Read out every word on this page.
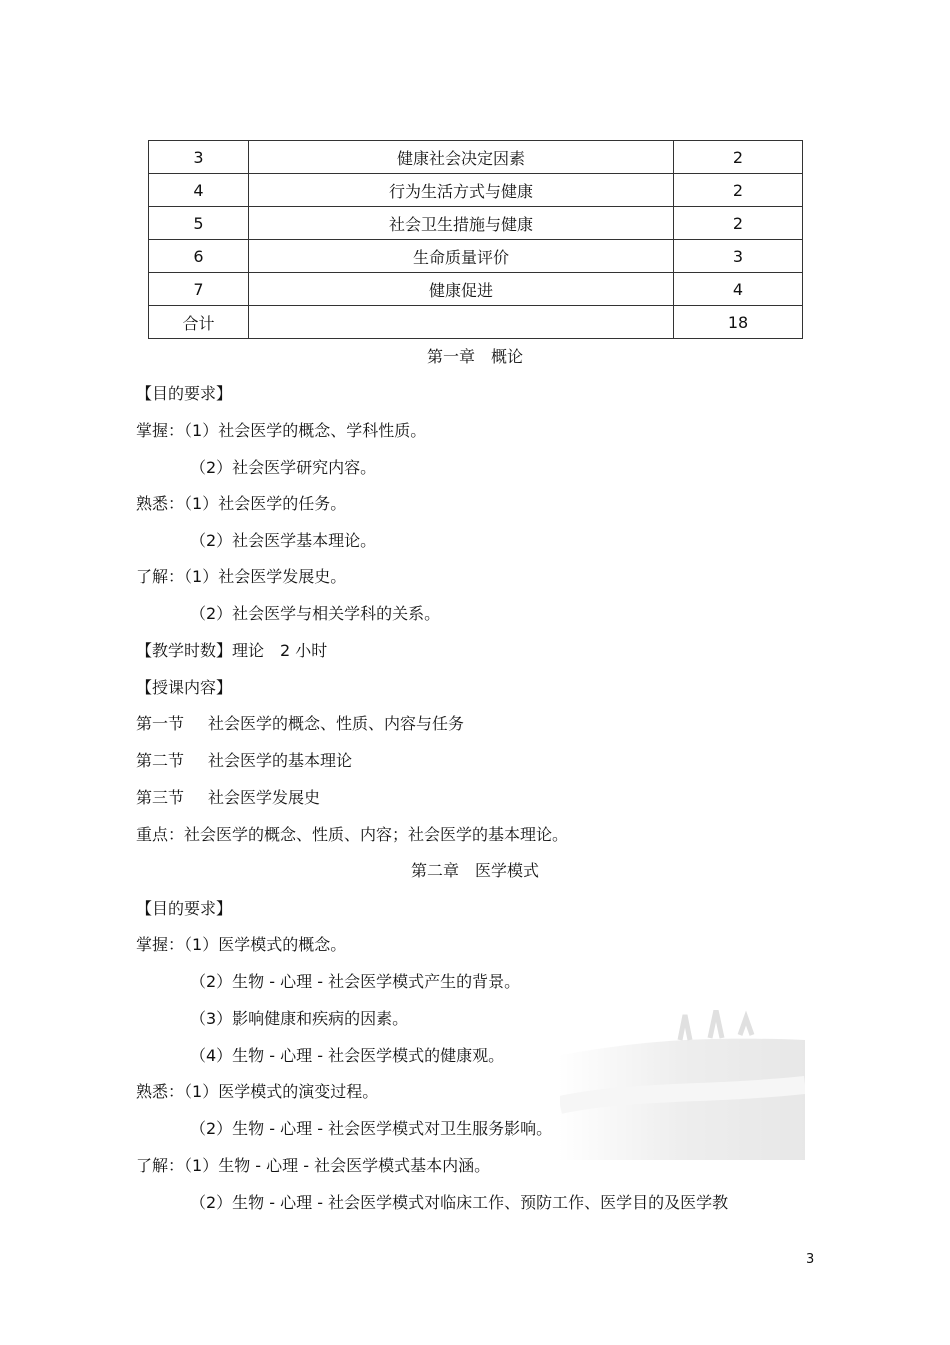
3	健康社会决定因素	2
4	行为生活方式与健康	2
5	社会卫生措施与健康	2
6	生命质量评价	3
7	健康促进	4
合计		18
第一章　概论
【目的要求】
掌握：（1）社会医学的概念、学科性质。
（2）社会医学研究内容。
熟悉：（1）社会医学的任务。
（2）社会医学基本理论。
了解：（1）社会医学发展史。
（2）社会医学与相关学科的关系。
【教学时数】理论　2 小时
【授课内容】
第一节 社会医学的概念、性质、内容与任务
第二节 社会医学的基本理论
第三节 社会医学发展史
重点：社会医学的概念、性质、内容；社会医学的基本理论。
第二章　医学模式
【目的要求】
掌握：（1）医学模式的概念。
（2）生物 - 心理 - 社会医学模式产生的背景。
（3）影响健康和疾病的因素。
（4）生物 - 心理 - 社会医学模式的健康观。
熟悉：（1）医学模式的演变过程。
（2）生物 - 心理 - 社会医学模式对卫生服务影响。
了解：（1）生物 - 心理 - 社会医学模式基本内涵。
（2）生物 - 心理 - 社会医学模式对临床工作、预防工作、医学目的及医学教
3
